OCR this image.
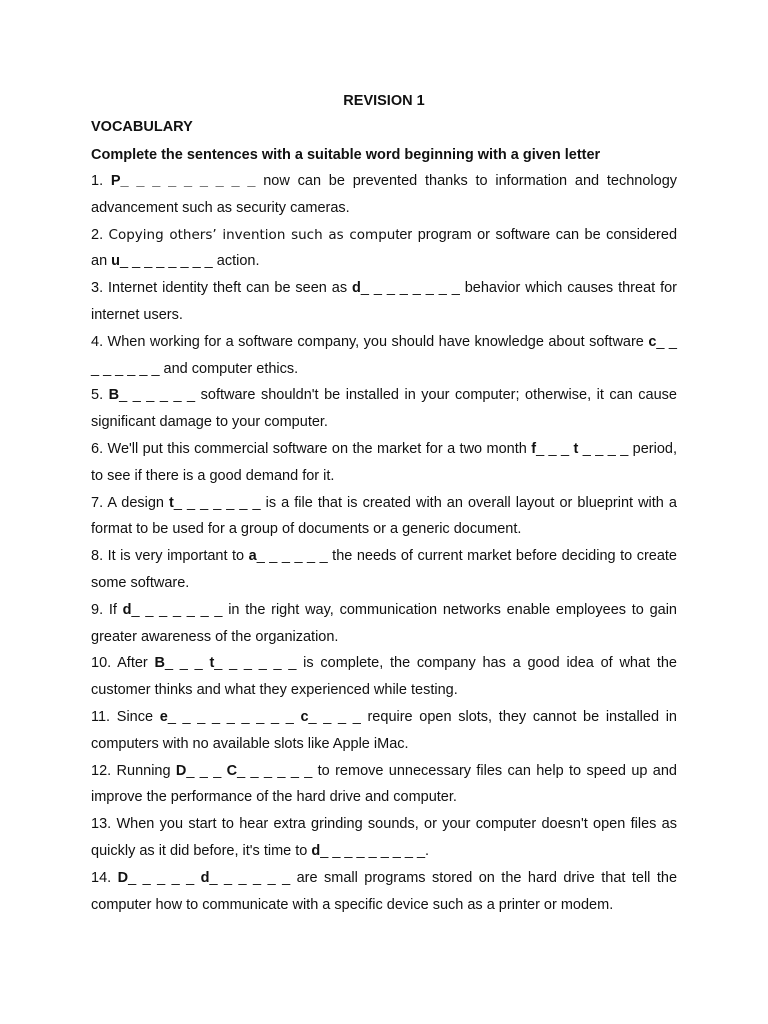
REVISION 1

VOCABULARY

Complete the sentences with a suitable word beginning with a given letter

1. P_ _ _ _ _ _ _ _ _ now can be prevented thanks to information and technology advancement such as security cameras.

2. Copying others’ invention such as computer program or software can be considered an u_ _ _ _ _ _ _ _ action.

3. Internet identity theft can be seen as d_ _ _ _ _ _ _ _ behavior which causes threat for internet users.

4. When working for a software company, you should have knowledge about software c_ _ _ _ _ _ _ _ and computer ethics.

5. B_ _ _ _ _ _ software shouldn't be installed in your computer; otherwise, it can cause significant damage to your computer.

6. We'll put this commercial software on the market for a two month f_ _ _ t _ _ _ _ period, to see if there is a good demand for it.

7. A design t_ _ _ _ _ _ _ is a file that is created with an overall layout or blueprint with a format to be used for a group of documents or a generic document.

8. It is very important to a_ _ _ _ _ _ the needs of current market before deciding to create some software.

9. If d_ _ _ _ _ _ _ in the right way, communication networks enable employees to gain greater awareness of the organization.

10. After B_ _ _ t_ _ _ _ _ _ is complete, the company has a good idea of what the customer thinks and what they experienced while testing.

11. Since e_ _ _ _ _ _ _ _ _ c_ _ _ _ require open slots, they cannot be installed in computers with no available slots like Apple iMac.

12. Running D_ _ _ C_ _ _ _ _ _ to remove unnecessary files can help to speed up and improve the performance of the hard drive and computer.

13. When you start to hear extra grinding sounds, or your computer doesn't open files as quickly as it did before, it's time to d_ _ _ _ _ _ _ _ _.

14. D_ _ _ _ _ d_ _ _ _ _ _ are small programs stored on the hard drive that tell the computer how to communicate with a specific device such as a printer or modem.
